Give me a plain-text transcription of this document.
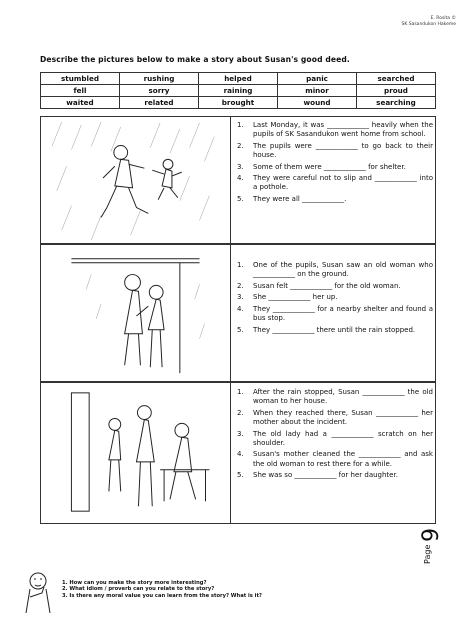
E. Rosita ©
SK Sasandukon Hakeme
Describe the pictures below to make a story about Susan's good deed.
stumbled	rushing	helped	panic	searched
fell	sorry	raining	minor	proud
waited	related	brought	wound	searching
1. Last Monday, it was ____________ heavily when the pupils of SK Sasandukon went home from school.
2. The pupils were ____________ to go back to their house.
3. Some of them were ____________ for shelter.
4. They were careful not to slip and ____________ into a pothole.
5. They were all ____________.
1. One of the pupils, Susan saw an old woman who ____________ on the ground.
2. Susan felt ____________ for the old woman.
3. She ____________ her up.
4. They ____________ for a nearby shelter and found a bus stop.
5. They ____________ there until the rain stopped.
1. After the rain stopped, Susan ____________ the old woman to her house.
2. When they reached there, Susan ____________ her mother about the incident.
3. The old lady had a ____________ scratch on her shoulder.
4. Susan's mother cleaned the ____________ and ask the old woman to rest there for a while.
5. She was so ____________ for her daughter.
Page
9
1. How can you make the story more interesting?
2. What idiom / proverb can you relate to the story?
3. Is there any moral value you can learn from the story? What is it?
